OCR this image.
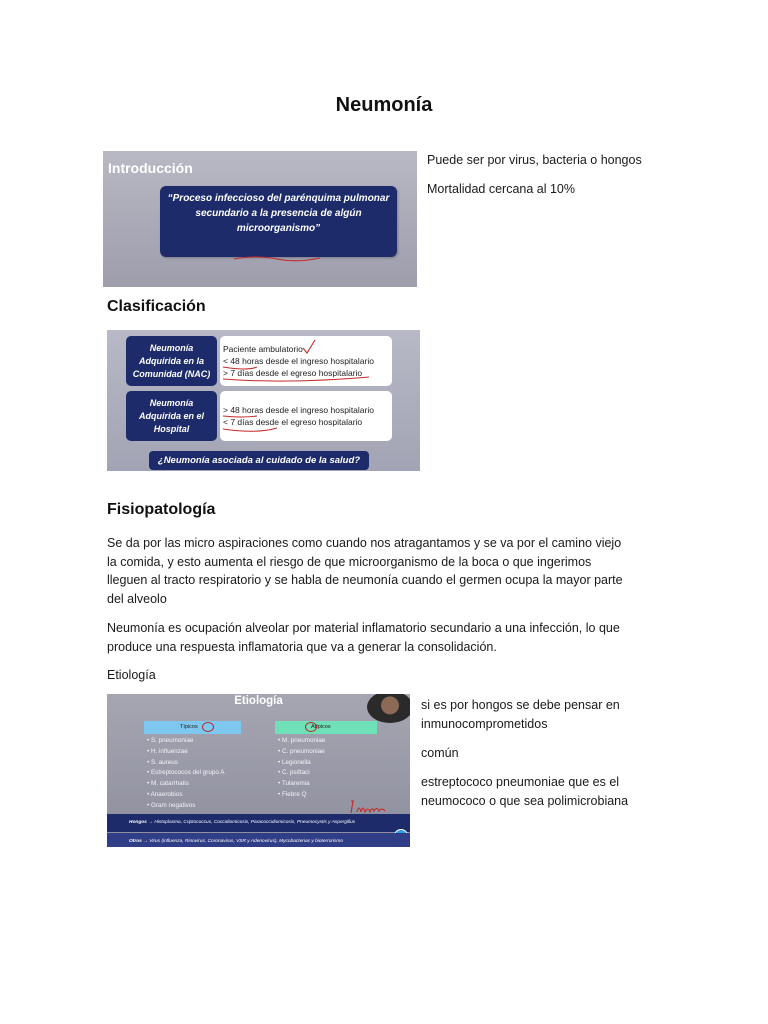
Neumonía
Introducción
“Proceso infeccioso del parénquima pulmonar
secundario a la presencia de algún
microorganismo”

Puede ser por virus, bacteria o hongos

Mortalidad cercana al 10%

Clasificación
Neumonía
Adquirida en la
Comunidad (NAC)
Paciente ambulatorio
< 48 horas desde el ingreso hospitalario
> 7 días desde el egreso hospitalario
Neumonía
Adquirida en el
Hospital
> 48 horas desde el ingreso hospitalario
< 7 días desde el egreso hospitalario
¿Neumonía asociada al cuidado de la salud?
Fisiopatología
Se da por las micro aspiraciones como cuando nos atragantamos y se va por el camino viejo
la comida, y esto aumenta el riesgo de que microorganismo de la boca o que ingerimos
lleguen al tracto respiratorio y se habla de neumonía cuando el germen ocupa la mayor parte
del alveolo
Neumonía es ocupación alveolar por material inflamatorio secundario a una infección, lo que
produce una respuesta inflamatoria que va a generar la consolidación.

Etiología

Etiología
Típicos
• S. pneumoniae
• H. influenzae
• S. aureus
• Estreptococos del grupo A
• M. catarrhalis
• Anaerobios
• Gram negativos
Atípicos
• M. pneumoniae
• C. pneumoniae
• Legionella
• C. psittaci
• Tularemia
• Fiebre Q
Hongos → Histoplasma, Criptococcus, Coccidiomicosis, Paracoccidiomicosis, Pneumocystis y Aspergillus
Otros → Virus (influenza, Rinovirus, Coronavirus, VSR y Adenovirus), Mycobacterias y bioterrorismo
si es por hongos se debe pensar en
inmunocomprometidos
común
estreptococo pneumoniae que es el
neumococo o que sea polimicrobiana
